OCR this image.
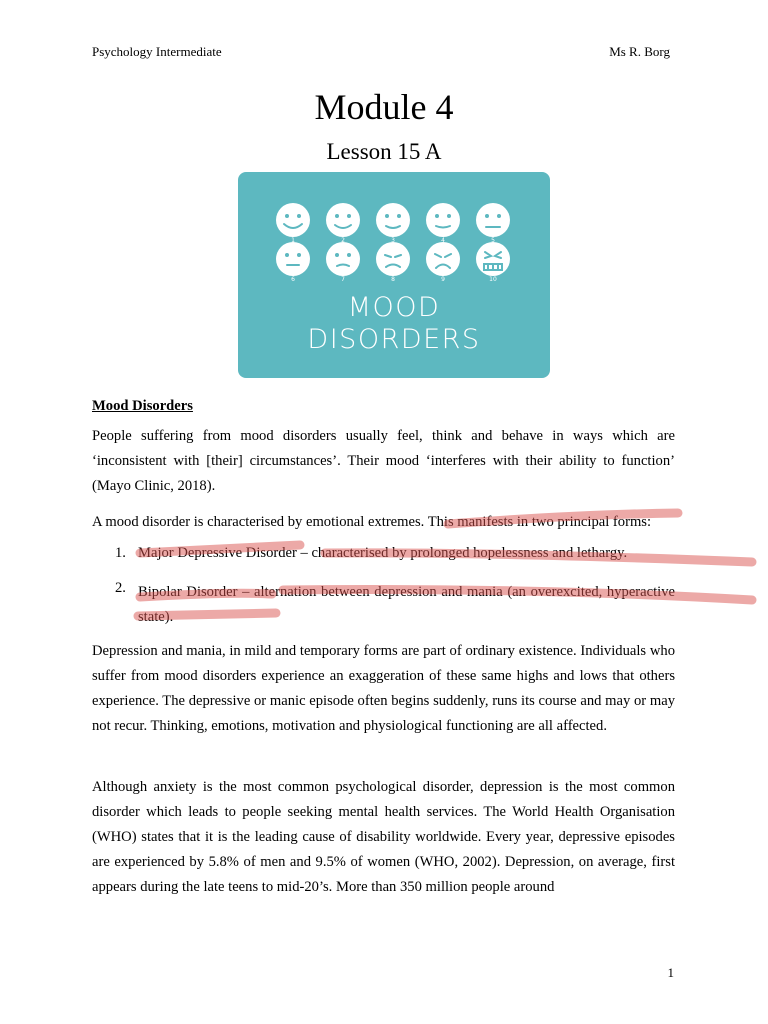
Psychology Intermediate	Ms R. Borg
Module 4
Lesson 15 A
1	2	3	4	5
6	7	8	9	10
MOOD
DISORDERS
Mood Disorders
People suffering from mood disorders usually feel, think and behave in ways which are ‘inconsistent with [their] circumstances’. Their mood ‘interferes with their ability to function’ (Mayo Clinic, 2018).
A mood disorder is characterised by emotional extremes. This manifests in two principal forms:
1. Major Depressive Disorder – characterised by prolonged hopelessness and lethargy.
2. Bipolar Disorder – alternation between depression and mania (an overexcited, hyperactive state).
Depression and mania, in mild and temporary forms are part of ordinary existence. Individuals who suffer from mood disorders experience an exaggeration of these same highs and lows that others experience. The depressive or manic episode often begins suddenly, runs its course and may or may not recur. Thinking, emotions, motivation and physiological functioning are all affected.
Although anxiety is the most common psychological disorder, depression is the most common disorder which leads to people seeking mental health services. The World Health Organisation (WHO) states that it is the leading cause of disability worldwide. Every year, depressive episodes are experienced by 5.8% of men and 9.5% of women (WHO, 2002). Depression, on average, first appears during the late teens to mid-20’s. More than 350 million people around
1
